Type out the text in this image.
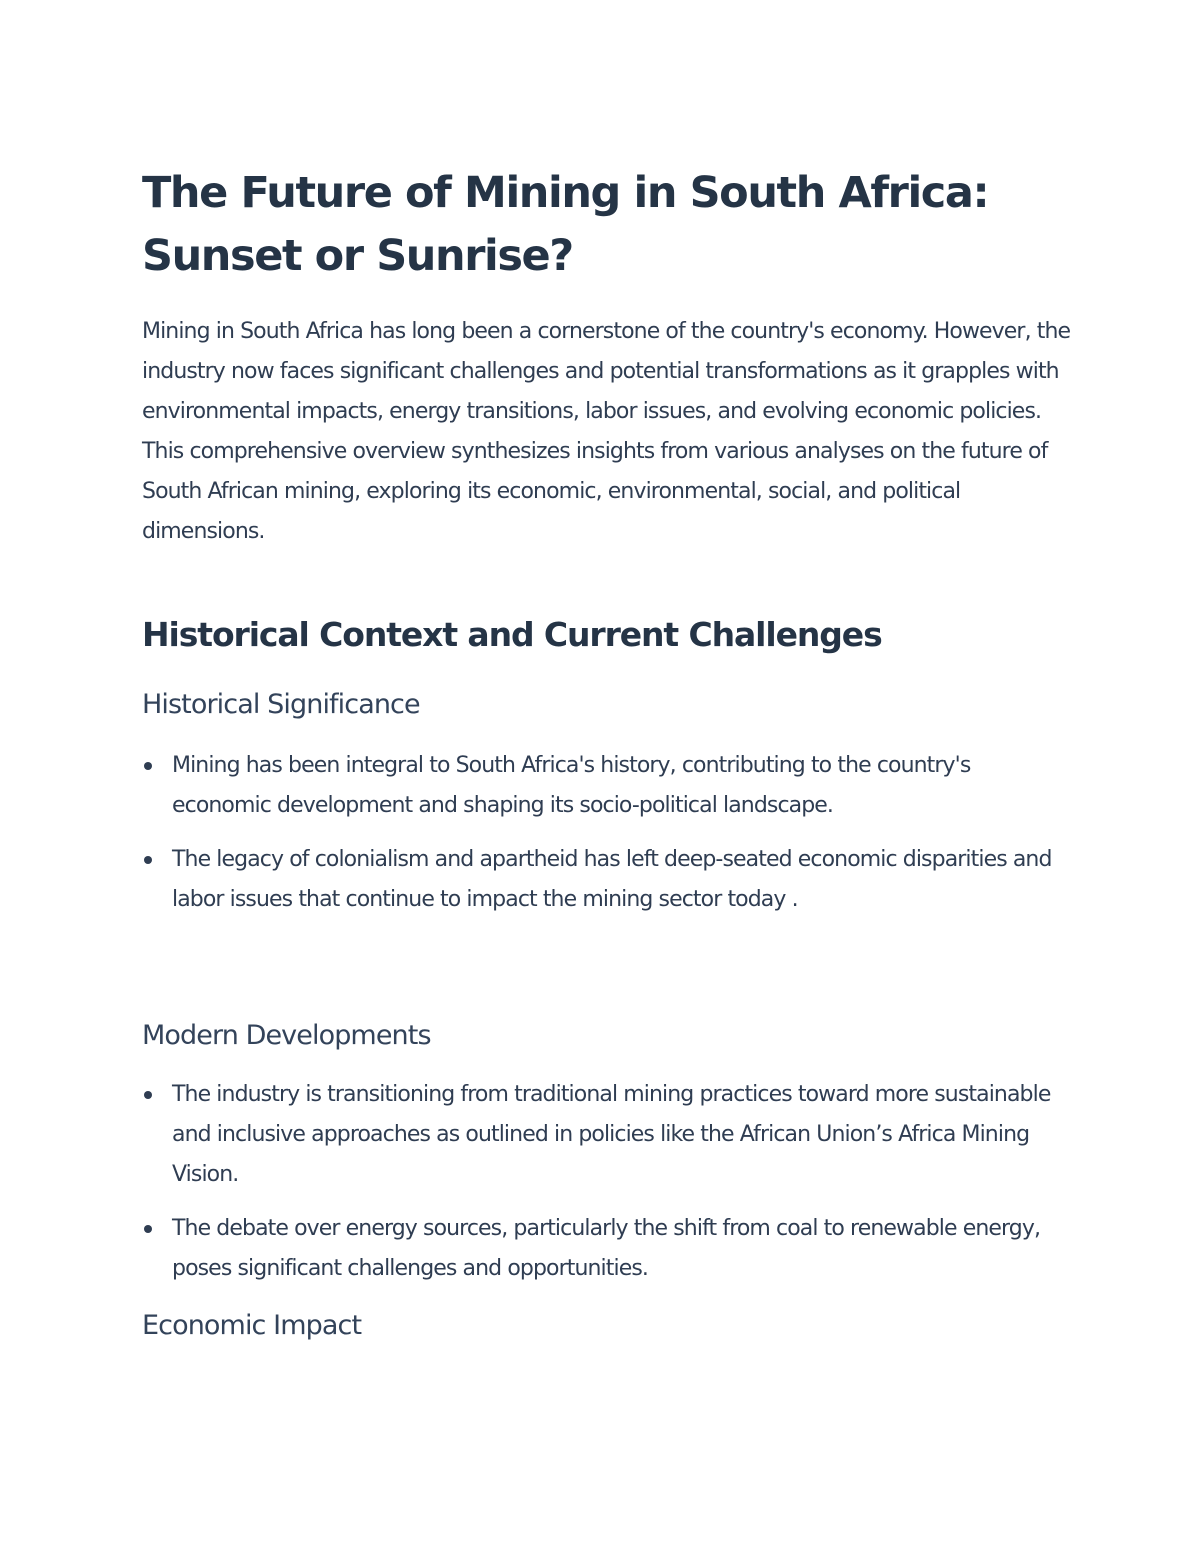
The Future of Mining in South Africa: Sunset or Sunrise?

Mining in South Africa has long been a cornerstone of the country's economy. However, the industry now faces significant challenges and potential transformations as it grapples with environmental impacts, energy transitions, labor issues, and evolving economic policies. This comprehensive overview synthesizes insights from various analyses on the future of South African mining, exploring its economic, environmental, social, and political dimensions.

Historical Context and Current Challenges
Historical Significance
Mining has been integral to South Africa's history, contributing to the country's economic development and shaping its socio-political landscape.
The legacy of colonialism and apartheid has left deep-seated economic disparities and labor issues that continue to impact the mining sector today .
Modern Developments
The industry is transitioning from traditional mining practices toward more sustainable and inclusive approaches as outlined in policies like the African Union’s Africa Mining Vision.
The debate over energy sources, particularly the shift from coal to renewable energy, poses significant challenges and opportunities.
Economic Impact
